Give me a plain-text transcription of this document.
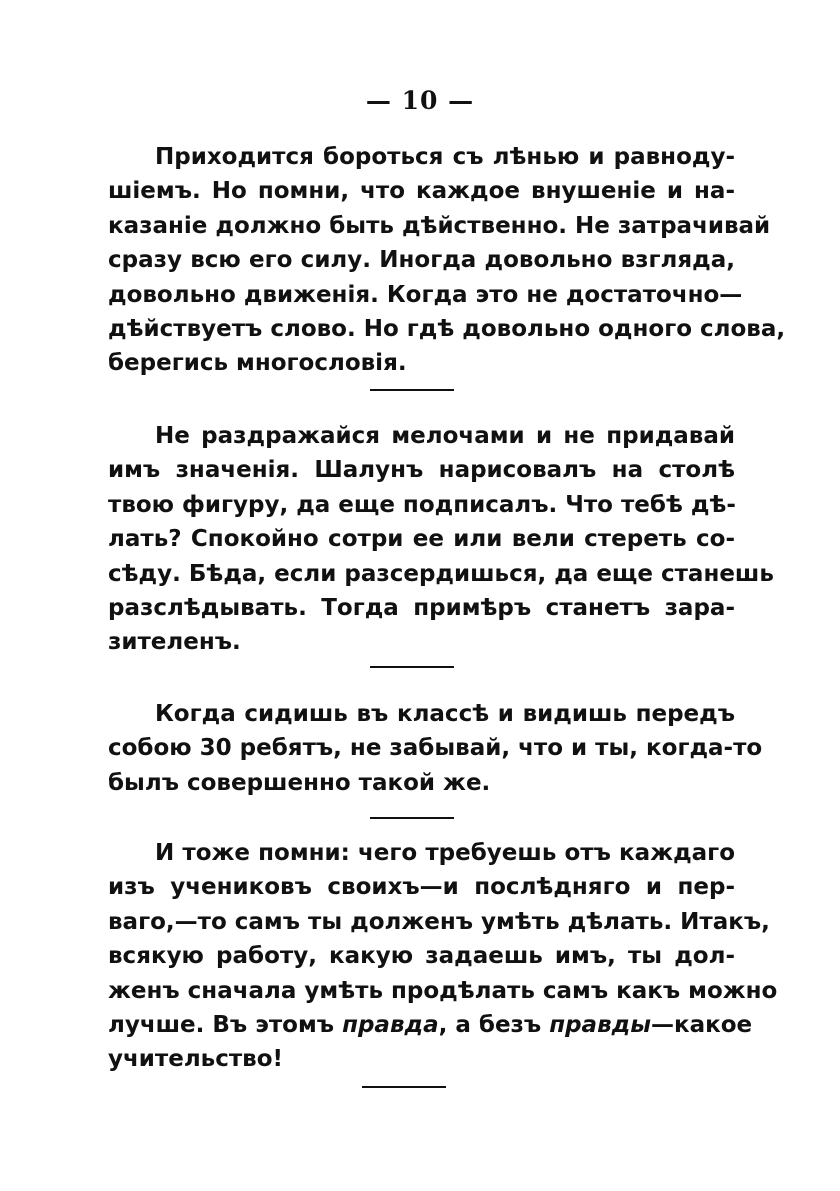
— 10 —
Приходится бороться съ лѣнью и равноду-
шіемъ. Но помни, что каждое внушеніе и на-
казаніе должно быть дѣйственно. Не затрачивай
сразу всю его силу. Иногда довольно взгляда,
довольно движенія. Когда это не достаточно—
дѣйствуетъ слово. Но гдѣ довольно одного слова,
берегись многословія.
Не раздражайся мелочами и не придавай
имъ значенія. Шалунъ нарисовалъ на столѣ
твою фигуру, да еще подписалъ. Что тебѣ дѣ-
лать? Спокойно сотри ее или вели стереть со-
сѣду. Бѣда, если разсердишься, да еще станешь
разслѣдывать. Тогда примѣръ станетъ зара-
зителенъ.
Когда сидишь въ классѣ и видишь передъ
собою 30 ребятъ, не забывай, что и ты, когда-то
былъ совершенно такой же.
И тоже помни: чего требуешь отъ каждаго
изъ учениковъ своихъ—и послѣдняго и пер-
ваго,—то самъ ты долженъ умѣть дѣлать. Итакъ,
всякую работу, какую задаешь имъ, ты дол-
женъ сначала умѣть продѣлать самъ какъ можно
лучше. Въ этомъ правда, а безъ правды—какое
учительство!
